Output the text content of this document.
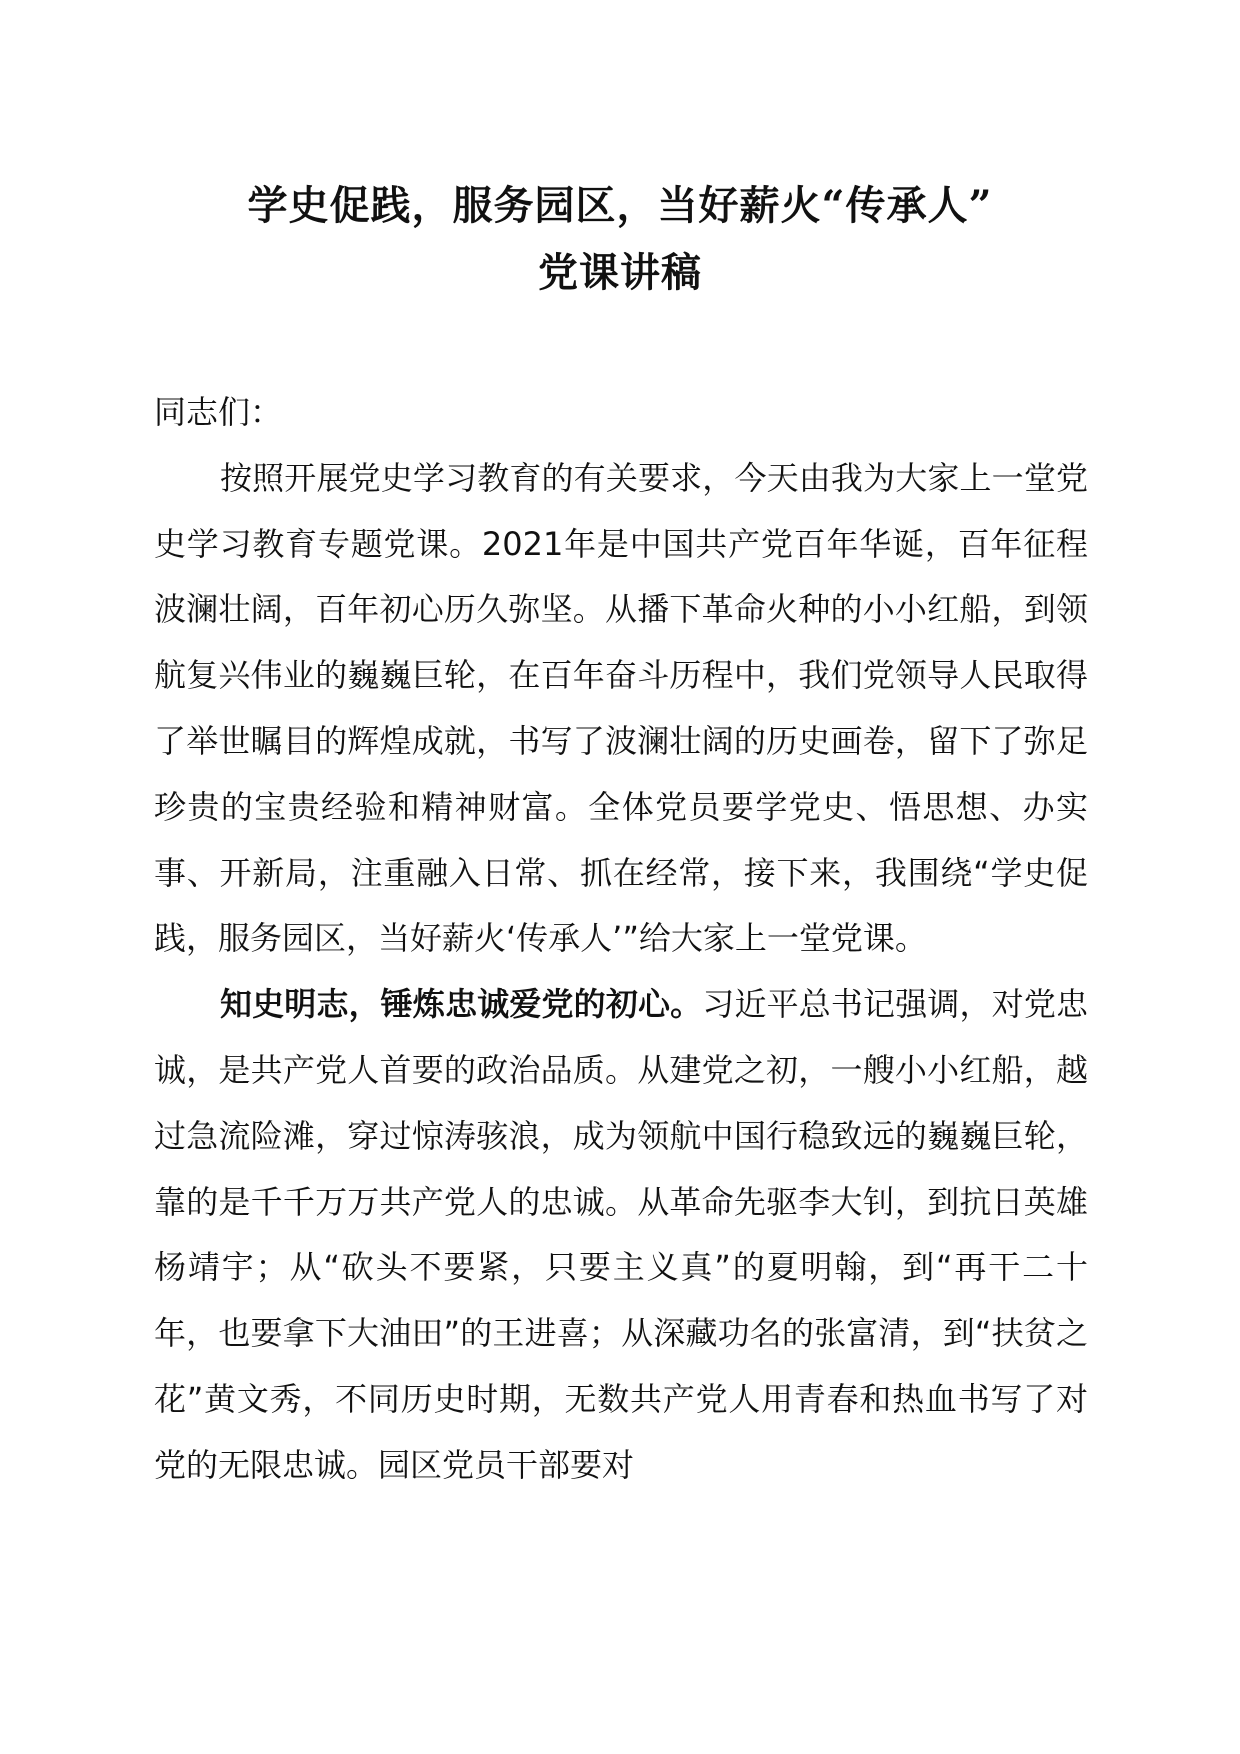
学史促践，服务园区，当好薪火“传承人”
党课讲稿

同志们：

按照开展党史学习教育的有关要求，今天由我为大家上一堂党史学习教育专题党课。2021年是中国共产党百年华诞，百年征程波澜壮阔，百年初心历久弥坚。从播下革命火种的小小红船，到领航复兴伟业的巍巍巨轮，在百年奋斗历程中，我们党领导人民取得了举世瞩目的辉煌成就，书写了波澜壮阔的历史画卷，留下了弥足珍贵的宝贵经验和精神财富。全体党员要学党史、悟思想、办实事、开新局，注重融入日常、抓在经常，接下来，我围绕“学史促践，服务园区，当好薪火‘传承人’”给大家上一堂党课。

知史明志，锤炼忠诚爱党的初心。习近平总书记强调，对党忠诚，是共产党人首要的政治品质。从建党之初，一艘小小红船，越过急流险滩，穿过惊涛骇浪，成为领航中国行稳致远的巍巍巨轮，靠的是千千万万共产党人的忠诚。从革命先驱李大钊，到抗日英雄杨靖宇；从“砍头不要紧，只要主义真”的夏明翰，到“再干二十年，也要拿下大油田”的王进喜；从深藏功名的张富清，到“扶贫之花”黄文秀，不同历史时期，无数共产党人用青春和热血书写了对党的无限忠诚。园区党员干部要对
